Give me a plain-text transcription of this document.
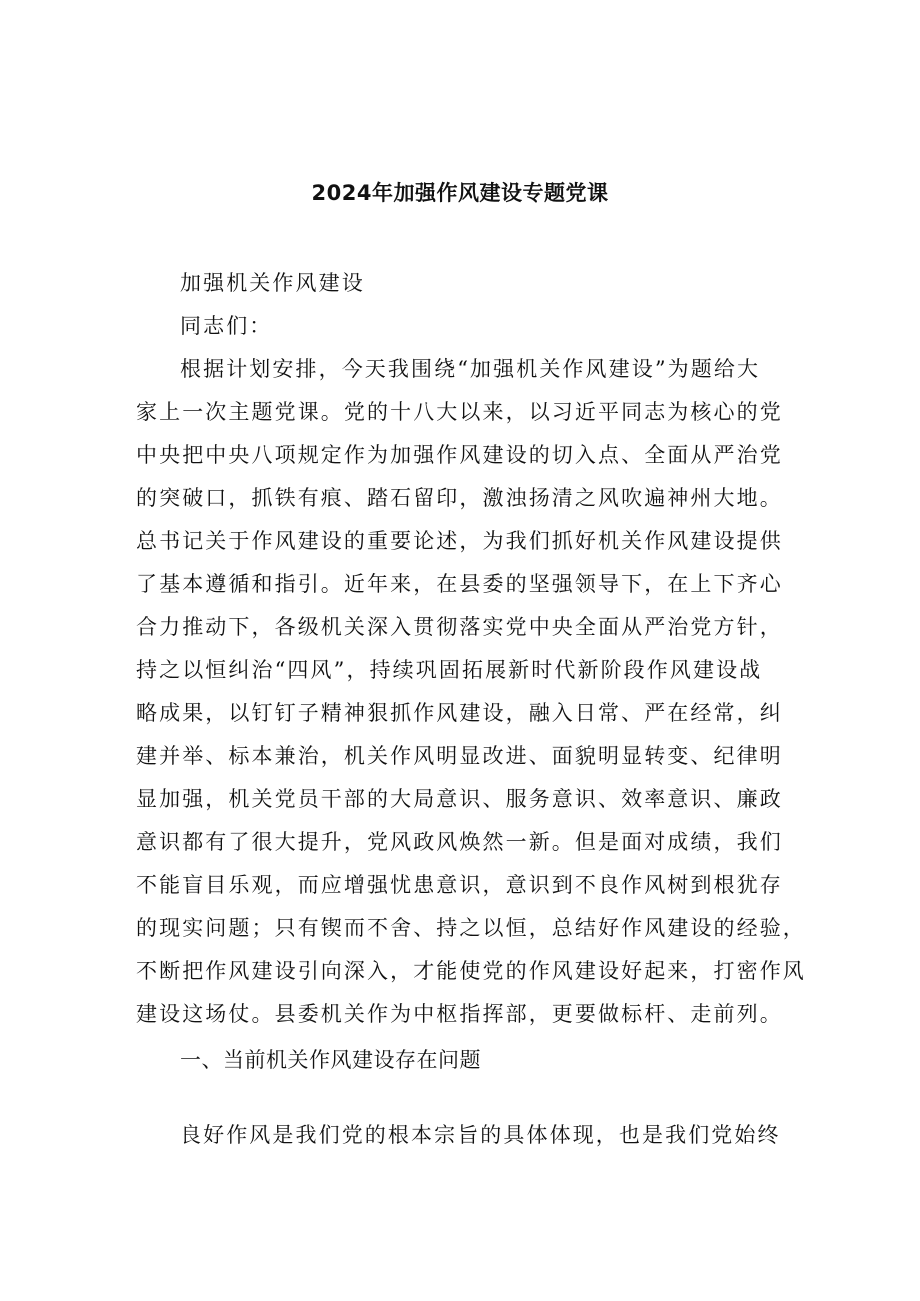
2024年加强作风建设专题党课
加强机关作风建设
同志们：
根据计划安排，今天我围绕“加强机关作风建设”为题给大
家上一次主题党课。党的十八大以来，以习近平同志为核心的党
中央把中央八项规定作为加强作风建设的切入点、全面从严治党
的突破口，抓铁有痕、踏石留印，激浊扬清之风吹遍神州大地。
总书记关于作风建设的重要论述，为我们抓好机关作风建设提供
了基本遵循和指引。近年来，在县委的坚强领导下，在上下齐心
合力推动下，各级机关深入贯彻落实党中央全面从严治党方针，
持之以恒纠治“四风”，持续巩固拓展新时代新阶段作风建设战
略成果，以钉钉子精神狠抓作风建设，融入日常、严在经常，纠
建并举、标本兼治，机关作风明显改进、面貌明显转变、纪律明
显加强，机关党员干部的大局意识、服务意识、效率意识、廉政
意识都有了很大提升，党风政风焕然一新。但是面对成绩，我们
不能盲目乐观，而应增强忧患意识，意识到不良作风树到根犹存
的现实问题；只有锲而不舍、持之以恒，总结好作风建设的经验，
不断把作风建设引向深入，才能使党的作风建设好起来，打密作风
建设这场仗。县委机关作为中枢指挥部，更要做标杆、走前列。
一、当前机关作风建设存在问题
良好作风是我们党的根本宗旨的具体体现，也是我们党始终
